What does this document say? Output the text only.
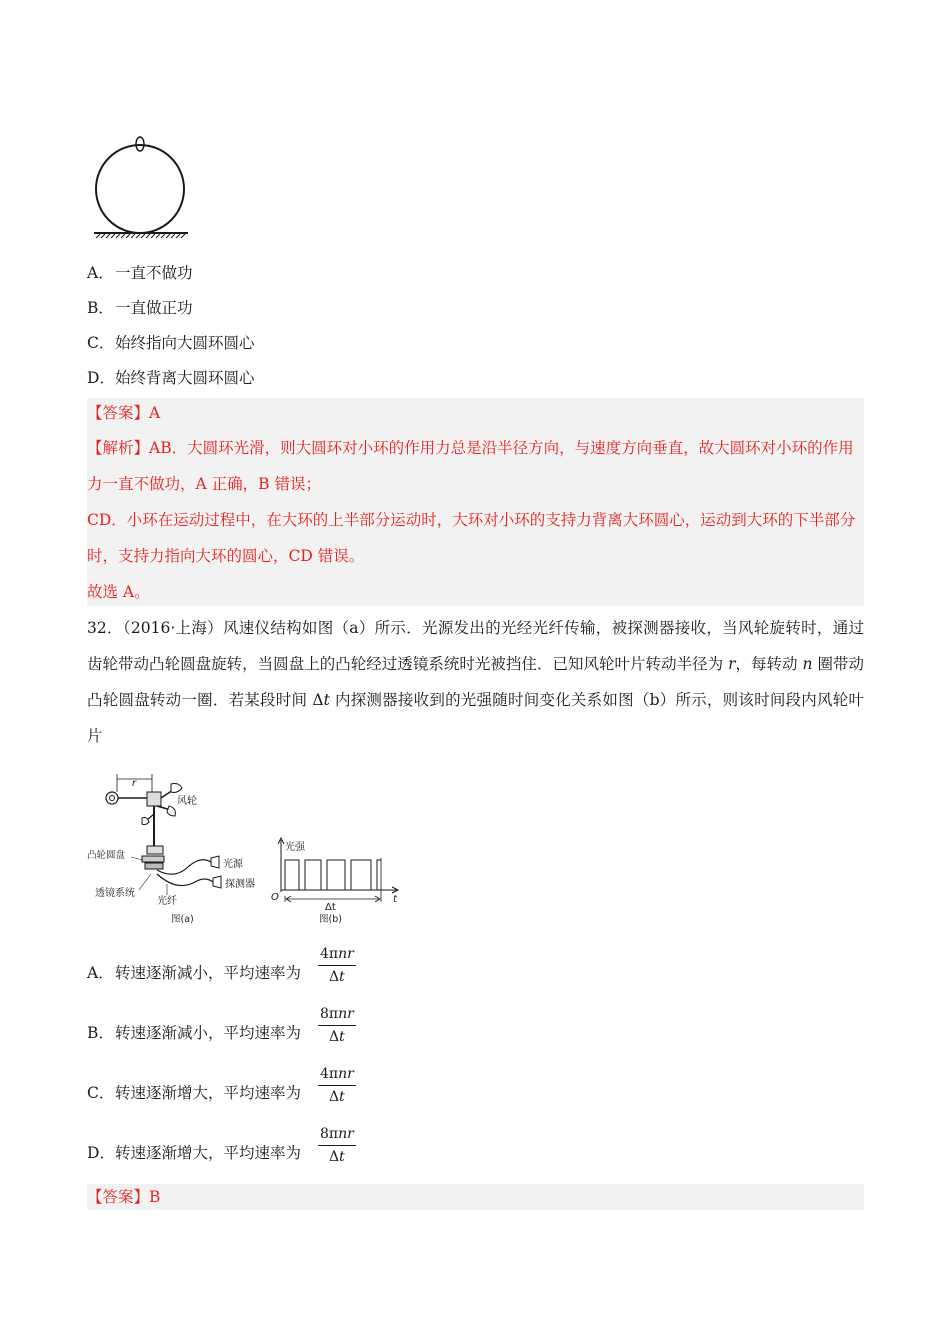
A．一直不做功
B．一直做正功
C．始终指向大圆环圆心
D．始终背离大圆环圆心
【答案】A
【解析】AB．大圆环光滑，则大圆环对小环的作用力总是沿半径方向，与速度方向垂直，故大圆环对小环的作用力一直不做功，A 正确，B 错误；
CD．小环在运动过程中，在大环的上半部分运动时，大环对小环的支持力背离大环圆心，运动到大环的下半部分时，支持力指向大环的圆心，CD 错误。
故选 A。
32．（2016·上海）风速仪结构如图（a）所示．光源发出的光经光纤传输，被探测器接收，当风轮旋转时，通过齿轮带动凸轮圆盘旋转，当圆盘上的凸轮经过透镜系统时光被挡住．已知风轮叶片转动半径为 r，每转动 n 圈带动凸轮圆盘转动一圈．若某段时间 Δt 内探测器接收到的光强随时间变化关系如图（b）所示，则该时间段内风轮叶片
r
风轮
凸轮圆盘
光源
探测器
透镜系统
光纤
图(a)
光强
O	t
Δt
图(b)
A．转速逐渐减小，平均速率为
4πnr
Δt
B．转速逐渐减小，平均速率为
8πnr
Δt
C．转速逐渐增大，平均速率为
4πnr
Δt
D．转速逐渐增大，平均速率为
8πnr
Δt
【答案】B
